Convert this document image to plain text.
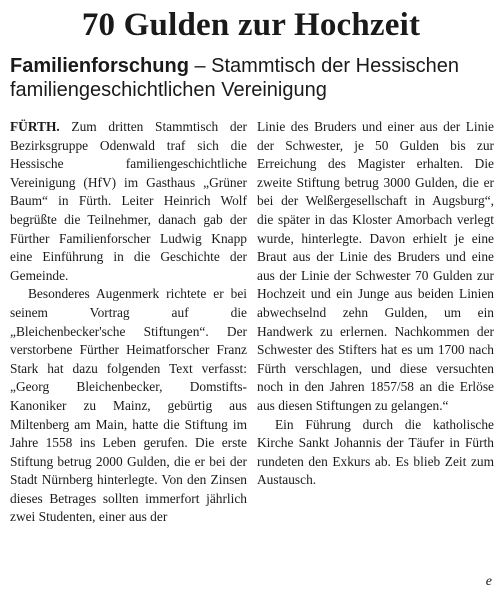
70 Gulden zur Hochzeit
Familienforschung – Stammtisch der Hessischen familiengeschichtlichen Vereinigung

FÜRTH. Zum dritten Stammtisch der Bezirksgruppe Odenwald traf sich die Hessische familiengeschichtliche Vereinigung (HfV) im Gasthaus „Grüner Baum“ in Fürth. Leiter Heinrich Wolf begrüßte die Teilnehmer, danach gab der Fürther Familienforscher Ludwig Knapp eine Einführung in die Geschichte der Gemeinde.

Besonderes Augenmerk richtete er bei seinem Vortrag auf die „Bleichenbecker'sche Stiftungen“. Der verstorbene Fürther Heimatforscher Franz Stark hat dazu folgenden Text verfasst: „Georg Bleichenbecker, Domstifts-Kanoniker zu Mainz, gebürtig aus Miltenberg am Main, hatte die Stiftung im Jahre 1558 ins Leben gerufen. Die erste Stiftung betrug 2000 Gulden, die er bei der Stadt Nürnberg hinterlegte. Von den Zinsen dieses Betrages sollten immerfort jährlich zwei Studenten, einer aus der

Linie des Bruders und einer aus der Linie der Schwester, je 50 Gulden bis zur Erreichung des Magister erhalten. Die zweite Stiftung betrug 3000 Gulden, die er bei der Welßergesellschaft in Augsburg“, die später in das Kloster Amorbach verlegt wurde, hinterlegte. Davon erhielt je eine Braut aus der Linie des Bruders und eine aus der Linie der Schwester 70 Gulden zur Hochzeit und ein Junge aus beiden Linien abwechselnd zehn Gulden, um ein Handwerk zu erlernen. Nachkommen der Schwester des Stifters hat es um 1700 nach Fürth verschlagen, und diese versuchten noch in den Jahren 1857/58 an die Erlöse aus diesen Stiftungen zu gelangen.“

Ein Führung durch die katholische Kirche Sankt Johannis der Täufer in Fürth rundeten den Exkurs ab. Es blieb Zeit zum Austausch.

e
